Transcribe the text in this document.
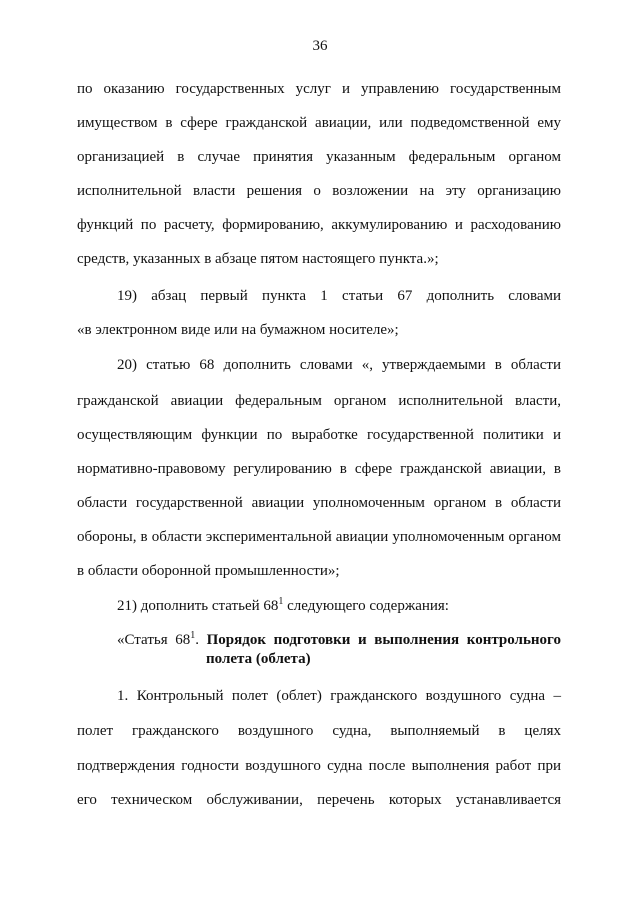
36
по оказанию государственных услуг и управлению государственным
имуществом в сфере гражданской авиации, или подведомственной ему
организацией в случае принятия указанным федеральным органом
исполнительной власти решения о возложении на эту организацию
функций по расчету, формированию, аккумулированию и расходованию
средств, указанных в абзаце пятом настоящего пункта.»;
19) абзац первый пункта 1 статьи 67 дополнить словами
«в электронном виде или на бумажном носителе»;
20) статью 68 дополнить словами «, утверждаемыми в области
гражданской авиации федеральным органом исполнительной власти,
осуществляющим функции по выработке государственной политики и
нормативно-правовому регулированию в сфере гражданской авиации, в
области государственной авиации уполномоченным органом в области
обороны, в области экспериментальной авиации уполномоченным органом
в области оборонной промышленности»;
21) дополнить статьей $68^1$ следующего содержания:
«Статья $68^1$. Порядок подготовки и выполнения контрольного
полета (облета)
1. Контрольный полет (облет) гражданского воздушного судна –
полет гражданского воздушного судна, выполняемый в целях
подтверждения годности воздушного судна после выполнения работ при
его техническом обслуживании, перечень которых устанавливается
